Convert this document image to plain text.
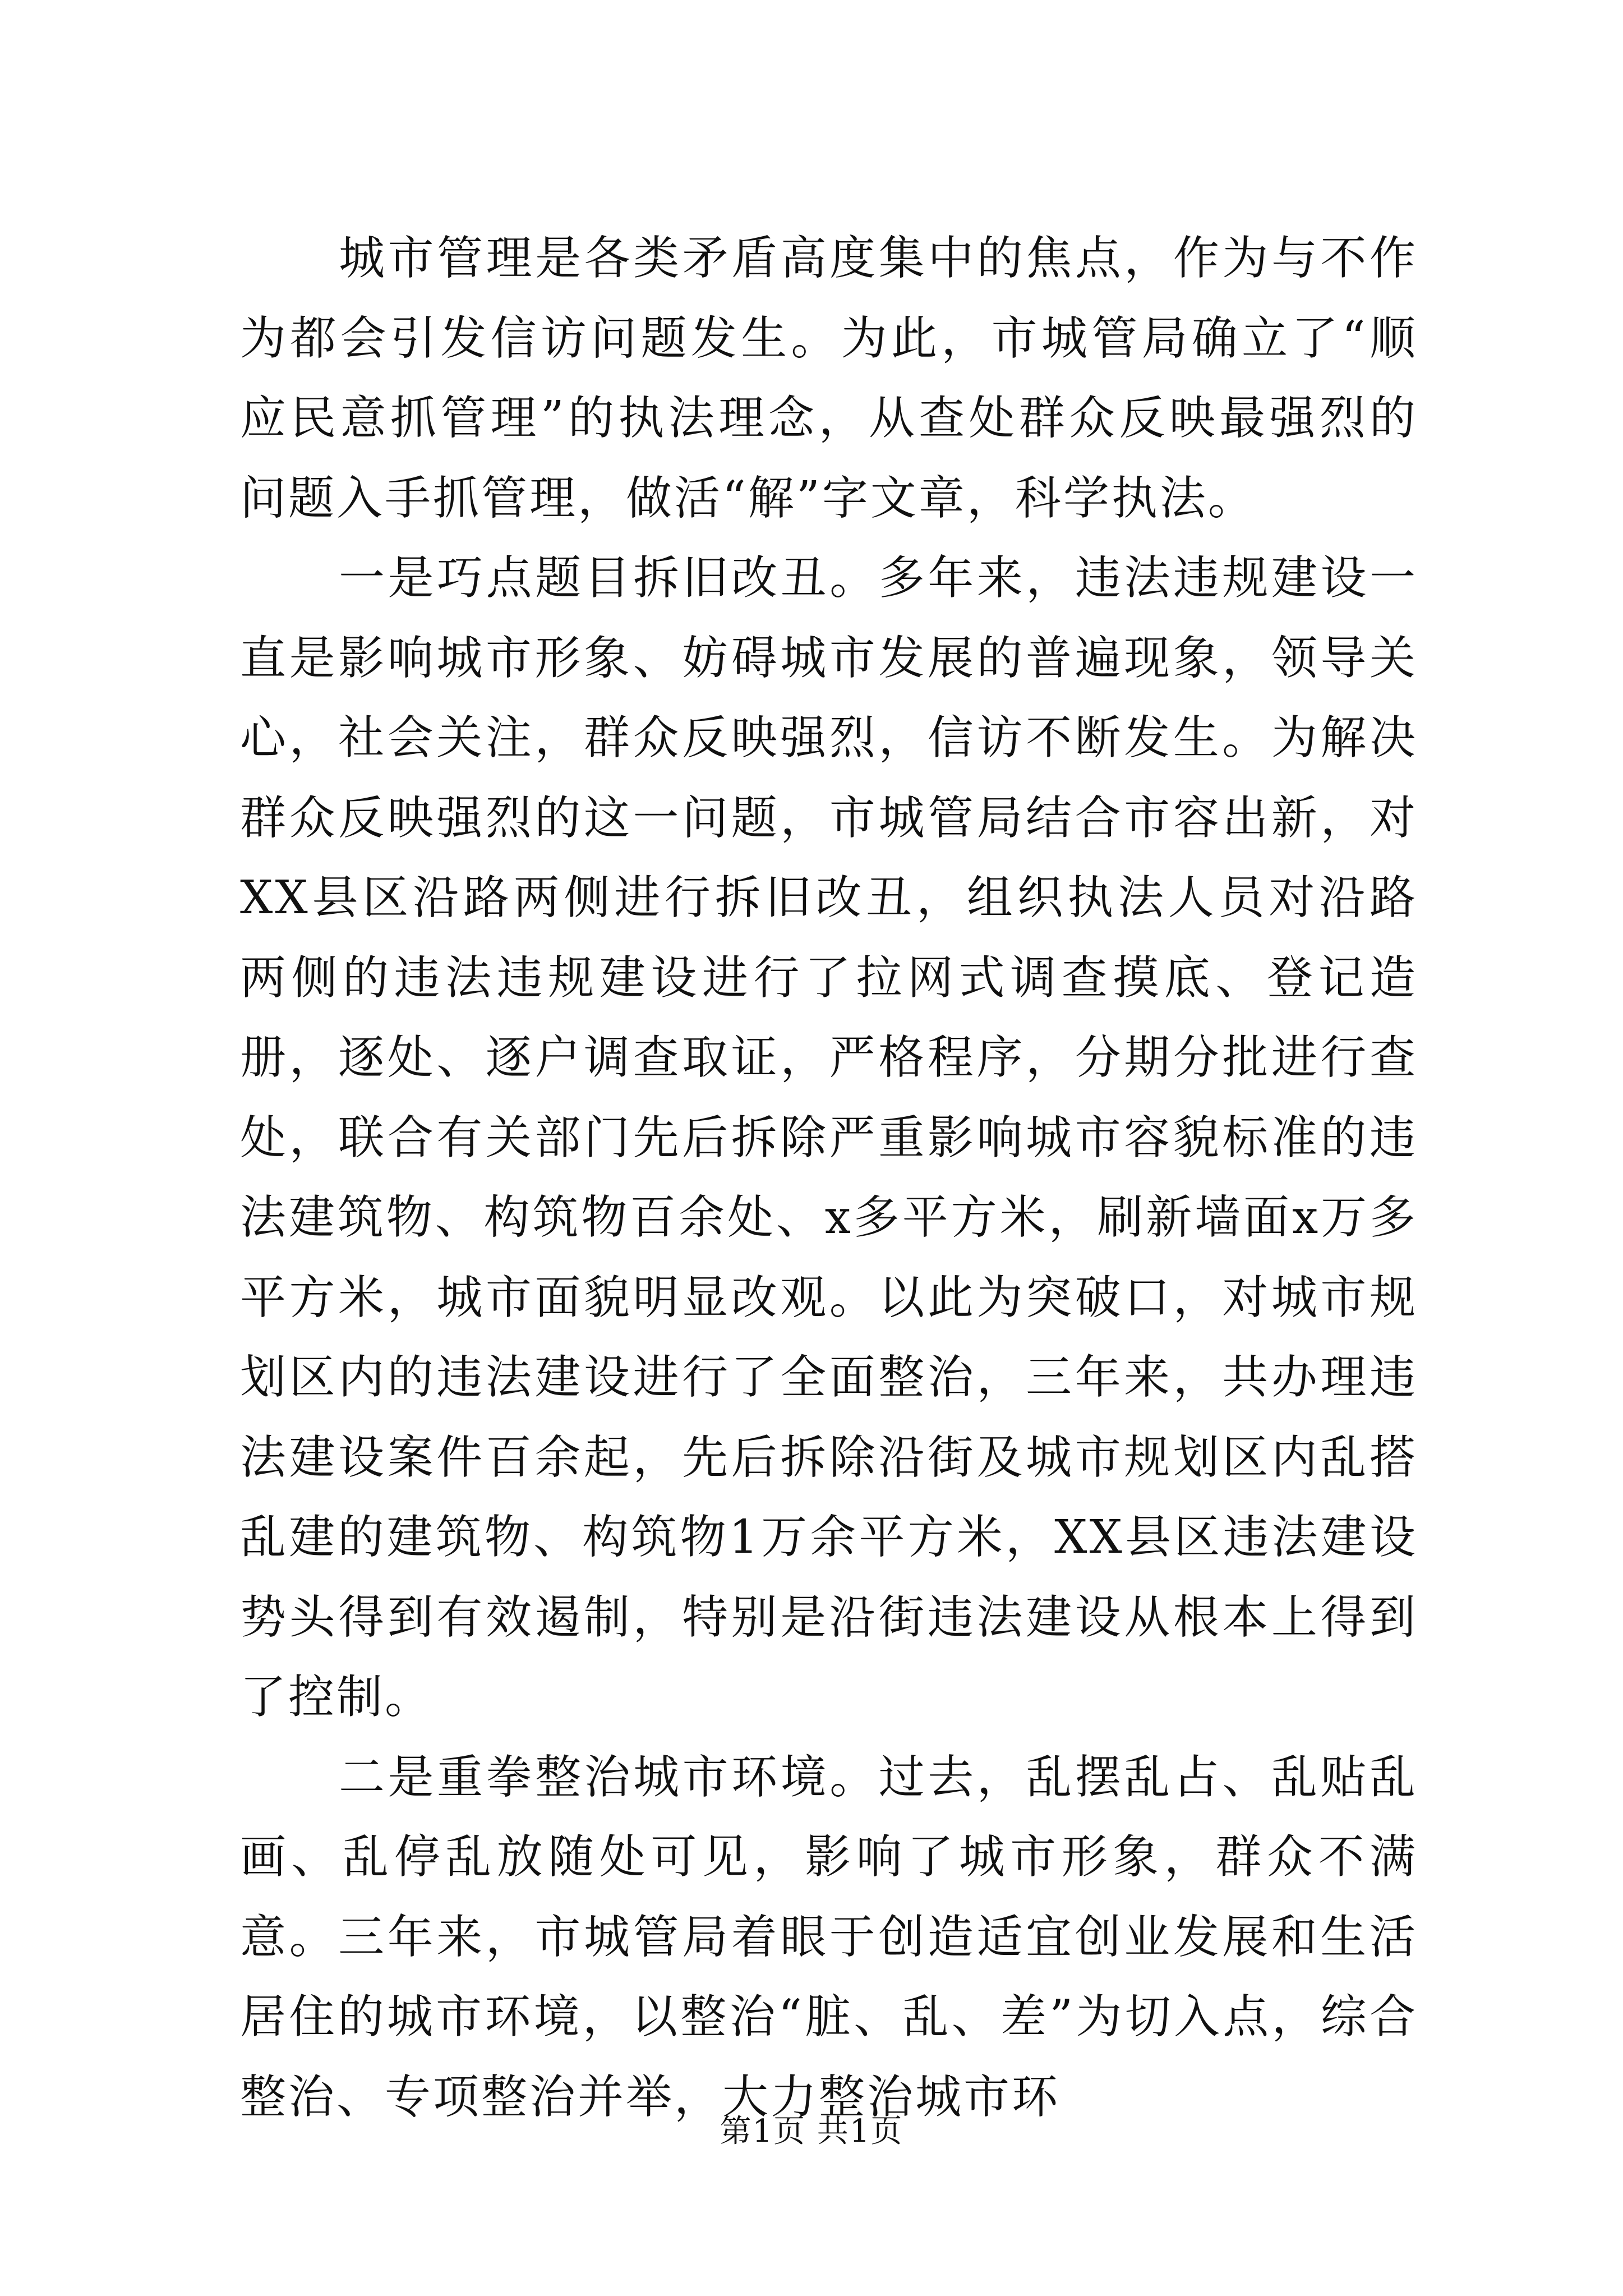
城市管理是各类矛盾高度集中的焦点，作为与不作为都会引发信访问题发生。为此，市城管局确立了“顺应民意抓管理”的执法理念，从查处群众反映最强烈的问题入手抓管理，做活“解”字文章，科学执法。

一是巧点题目拆旧改丑。多年来，违法违规建设一直是影响城市形象、妨碍城市发展的普遍现象，领导关心，社会关注，群众反映强烈，信访不断发生。为解决群众反映强烈的这一问题，市城管局结合市容出新，对XX县区沿路两侧进行拆旧改丑，组织执法人员对沿路两侧的违法违规建设进行了拉网式调查摸底、登记造册，逐处、逐户调查取证，严格程序，分期分批进行查处，联合有关部门先后拆除严重影响城市容貌标准的违法建筑物、构筑物百余处、x多平方米，刷新墙面x万多平方米，城市面貌明显改观。以此为突破口，对城市规划区内的违法建设进行了全面整治，三年来，共办理违法建设案件百余起，先后拆除沿街及城市规划区内乱搭乱建的建筑物、构筑物1万余平方米，XX县区违法建设势头得到有效遏制，特别是沿街违法建设从根本上得到了控制。

二是重拳整治城市环境。过去，乱摆乱占、乱贴乱画、乱停乱放随处可见，影响了城市形象，群众不满意。三年来，市城管局着眼于创造适宜创业发展和生活居住的城市环境，以整治“脏、乱、差”为切入点，综合整治、专项整治并举，大力整治城市环

第1页 共1页
